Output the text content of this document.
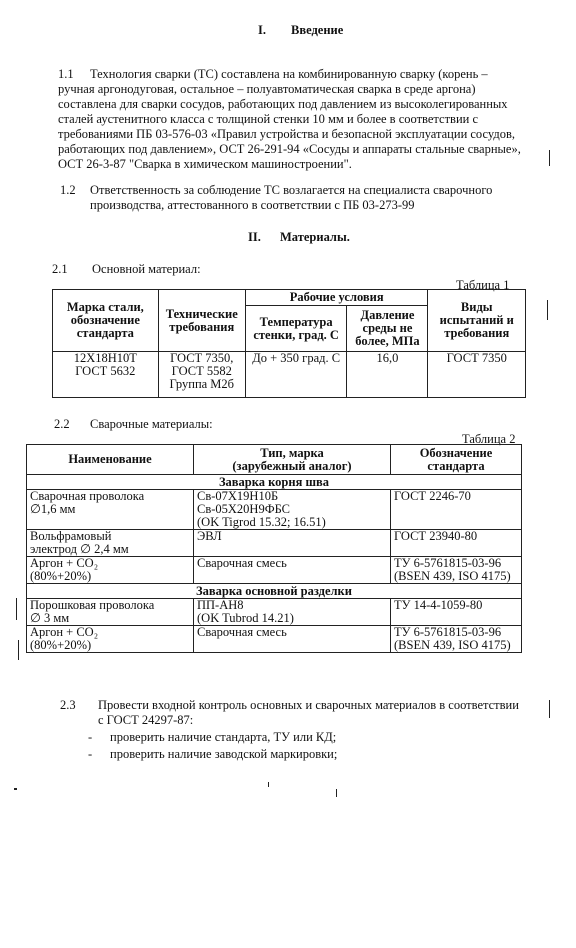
I. Введение
1.1	Технология сварки (ТС) составлена на комбинированную сварку (корень –
ручная аргонодуговая, остальное – полуавтоматическая сварка в среде аргона)
составлена для сварки сосудов, работающих под давлением из высоколегированных
сталей аустенитного класса с толщиной стенки 10 мм и более в соответствии с
требованиями ПБ 03-576-03 «Правил устройства и безопасной эксплуатации сосудов,
работающих под давлением», ОСТ 26-291-94 «Сосуды и аппараты стальные сварные»,
ОСТ 26-3-87 "Сварка в химическом машиностроении".
1.2 Ответственность за соблюдение ТС возлагается на специалиста сварочного
производства, аттестованного в соответствии с ПБ 03-273-99
II. Материалы.
2.1 Основной материал:
Таблица 1
Марка стали, обозначение стандарта	Технические требования	Рабочие условия		Виды испытаний и требования
		Температура стенки, град. С	Давление среды не более, МПа	

12Х18Н10Т
ГОСТ 5632	ГОСТ 7350,
ГОСТ 5582
Группа М2б	До + 350 град. С	16,0	ГОСТ 7350
2.2 Сварочные материалы:
Таблица 2
Наименование	Тип, марка
(зарубежный аналог)	Обозначение
стандарта

Заварка корня шва		

Сварочная проволока
∅1,6 мм	Св-07Х19Н10Б
Св-05Х20Н9ФБС
(OK Tigrod 15.32; 16.51)	ГОСТ 2246-70

Вольфрамовый
электрод ∅ 2,4 мм	ЭВЛ	ГОСТ 23940-80

Аргон + CO₂
(80%+20%)	Сварочная смесь	ТУ 6-5761815-03-96
(BSEN 439, ISO 4175)

Заварка основной разделки		

Порошковая проволока
∅ 3 мм	ПП-АН8
(OK Tubrod 14.21)	ТУ 14-4-1059-80

Аргон + CO₂
(80%+20%)	Сварочная смесь	ТУ 6-5761815-03-96
(BSEN 439, ISO 4175)
2.3 Провести входной контроль основных и сварочных материалов в соответствии
с ГОСТ 24297-87:
-	проверить наличие стандарта, ТУ или КД;
-	проверить наличие заводской маркировки;
